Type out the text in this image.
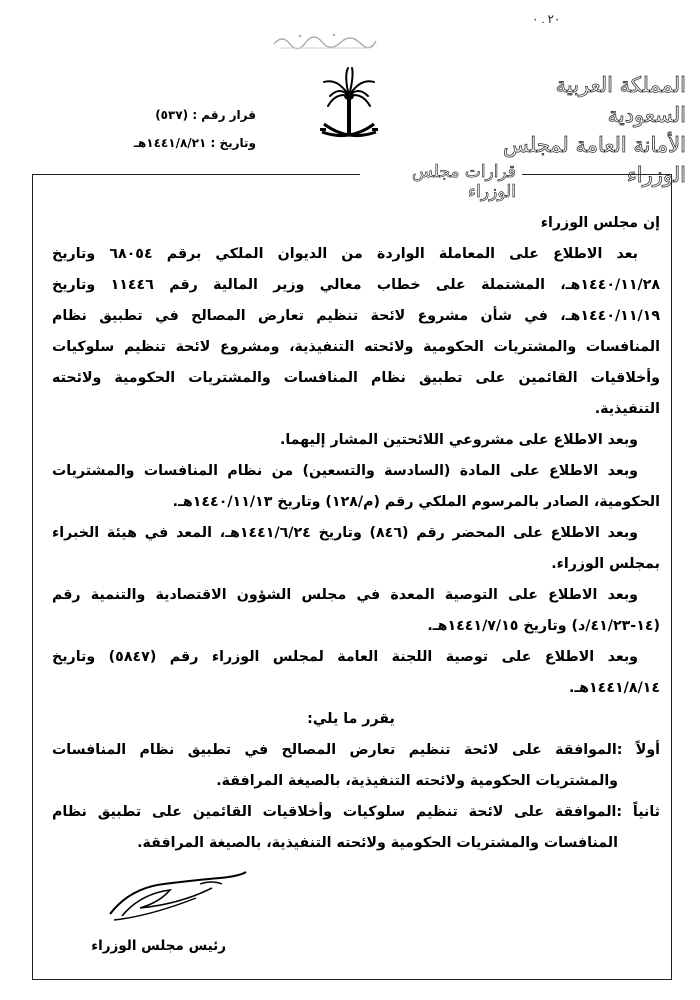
٢٠ . ٠
المملكة العربية السعودية
الأمانة العامة لمجلس الوزراء
قرار رقم : (٥٣٧)
وتاريخ : ١٤٤١/٨/٢١هـ
قرارات مجلس الوزراء

إن مجلس الوزراء

بعد الاطلاع على المعاملة الواردة من الديوان الملكي برقم ٦٨٠٥٤ وتاريخ ١٤٤٠/١١/٢٨هـ، المشتملة على خطاب معالي وزير المالية رقم ١١٤٤٦ وتاريخ ١٤٤٠/١١/١٩هـ، في شأن مشروع لائحة تنظيم تعارض المصالح في تطبيق نظام المنافسات والمشتريات الحكومية ولائحته التنفيذية، ومشروع لائحة تنظيم سلوكيات وأخلاقيات القائمين على تطبيق نظام المنافسات والمشتريات الحكومية ولائحته التنفيذية.

وبعد الاطلاع على مشروعي اللائحتين المشار إليهما.

وبعد الاطلاع على المادة (السادسة والتسعين) من نظام المنافسات والمشتريات الحكومية، الصادر بالمرسوم الملكي رقم (م/١٢٨) وتاريخ ١٤٤٠/١١/١٣هـ.

وبعد الاطلاع على المحضر رقم (٨٤٦) وتاريخ ١٤٤١/٦/٢٤هـ، المعد في هيئة الخبراء بمجلس الوزراء.

وبعد الاطلاع على التوصية المعدة في مجلس الشؤون الاقتصادية والتنمية رقم (١٤-٤١/٢٣/د) وتاريخ ١٤٤١/٧/١٥هـ.

وبعد الاطلاع على توصية اللجنة العامة لمجلس الوزراء رقم (٥٨٤٧) وتاريخ ١٤٤١/٨/١٤هـ.

يقرر ما يلي:

أولاً :الموافقة على لائحة تنظيم تعارض المصالح في تطبيق نظام المنافسات والمشتريات الحكومية ولائحته التنفيذية، بالصيغة المرافقة.

ثانياً :الموافقة على لائحة تنظيم سلوكيات وأخلاقيات القائمين على تطبيق نظام المنافسات والمشتريات الحكومية ولائحته التنفيذية، بالصيغة المرافقة.

رئيس مجلس الوزراء
